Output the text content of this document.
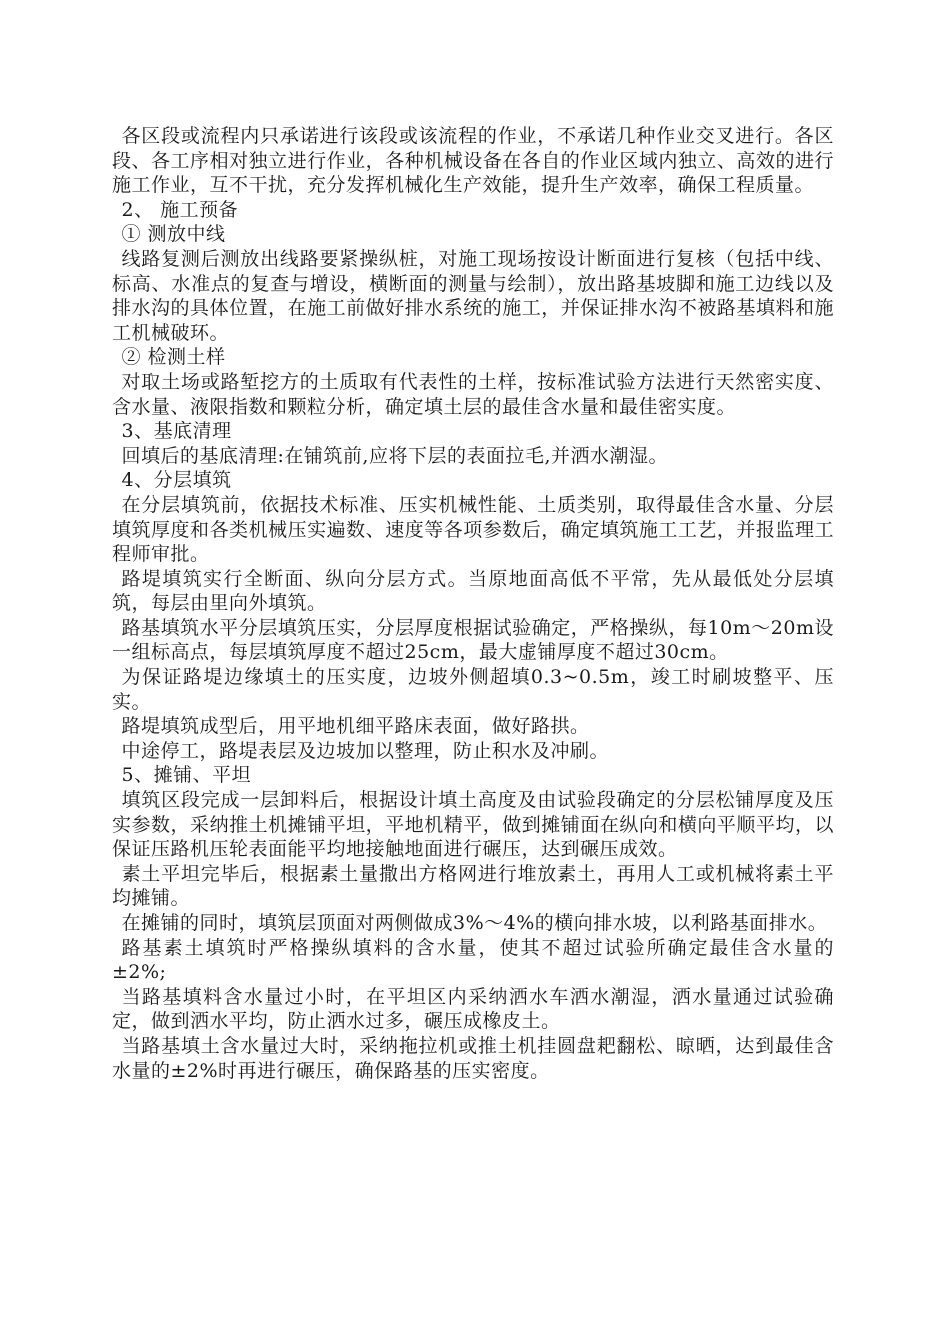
各区段或流程内只承诺进行该段或该流程的作业，不承诺几种作业交叉进行。各区段、各工序相对独立进行作业，各种机械设备在各自的作业区域内独立、高效的进行施工作业，互不干扰，充分发挥机械化生产效能，提升生产效率，确保工程质量。

2、 施工预备

① 测放中线

线路复测后测放出线路要紧操纵桩，对施工现场按设计断面进行复核（包括中线、标高、水准点的复查与增设，横断面的测量与绘制），放出路基坡脚和施工边线以及排水沟的具体位置，在施工前做好排水系统的施工，并保证排水沟不被路基填料和施工机械破环。

② 检测土样

对取土场或路堑挖方的土质取有代表性的土样，按标准试验方法进行天然密实度、含水量、液限指数和颗粒分析，确定填土层的最佳含水量和最佳密实度。

3、基底清理

回填后的基底清理:在铺筑前,应将下层的表面拉毛,并洒水潮湿。

4、分层填筑

在分层填筑前，依据技术标准、压实机械性能、土质类别，取得最佳含水量、分层填筑厚度和各类机械压实遍数、速度等各项参数后，确定填筑施工工艺，并报监理工程师审批。

路堤填筑实行全断面、纵向分层方式。当原地面高低不平常，先从最低处分层填筑，每层由里向外填筑。

路基填筑水平分层填筑压实，分层厚度根据试验确定，严格操纵，每10m～20m设一组标高点，每层填筑厚度不超过25cm，最大虚铺厚度不超过30cm。

为保证路堤边缘填土的压实度，边坡外侧超填0.3~0.5m，竣工时刷坡整平、压实。

路堤填筑成型后，用平地机细平路床表面，做好路拱。

中途停工，路堤表层及边坡加以整理，防止积水及冲刷。

5、摊铺、平坦

填筑区段完成一层卸料后，根据设计填土高度及由试验段确定的分层松铺厚度及压实参数，采纳推土机摊铺平坦，平地机精平，做到摊铺面在纵向和横向平顺平均，以保证压路机压轮表面能平均地接触地面进行碾压，达到碾压成效。

素土平坦完毕后，根据素土量撒出方格网进行堆放素土，再用人工或机械将素土平均摊铺。

在摊铺的同时，填筑层顶面对两侧做成3%～4%的横向排水坡，以利路基面排水。

路基素土填筑时严格操纵填料的含水量，使其不超过试验所确定最佳含水量的±2%;

当路基填料含水量过小时，在平坦区内采纳洒水车洒水潮湿，洒水量通过试验确定，做到洒水平均，防止洒水过多，碾压成橡皮土。

当路基填土含水量过大时，采纳拖拉机或推土机挂圆盘耙翻松、晾晒，达到最佳含水量的±2%时再进行碾压，确保路基的压实密度。
